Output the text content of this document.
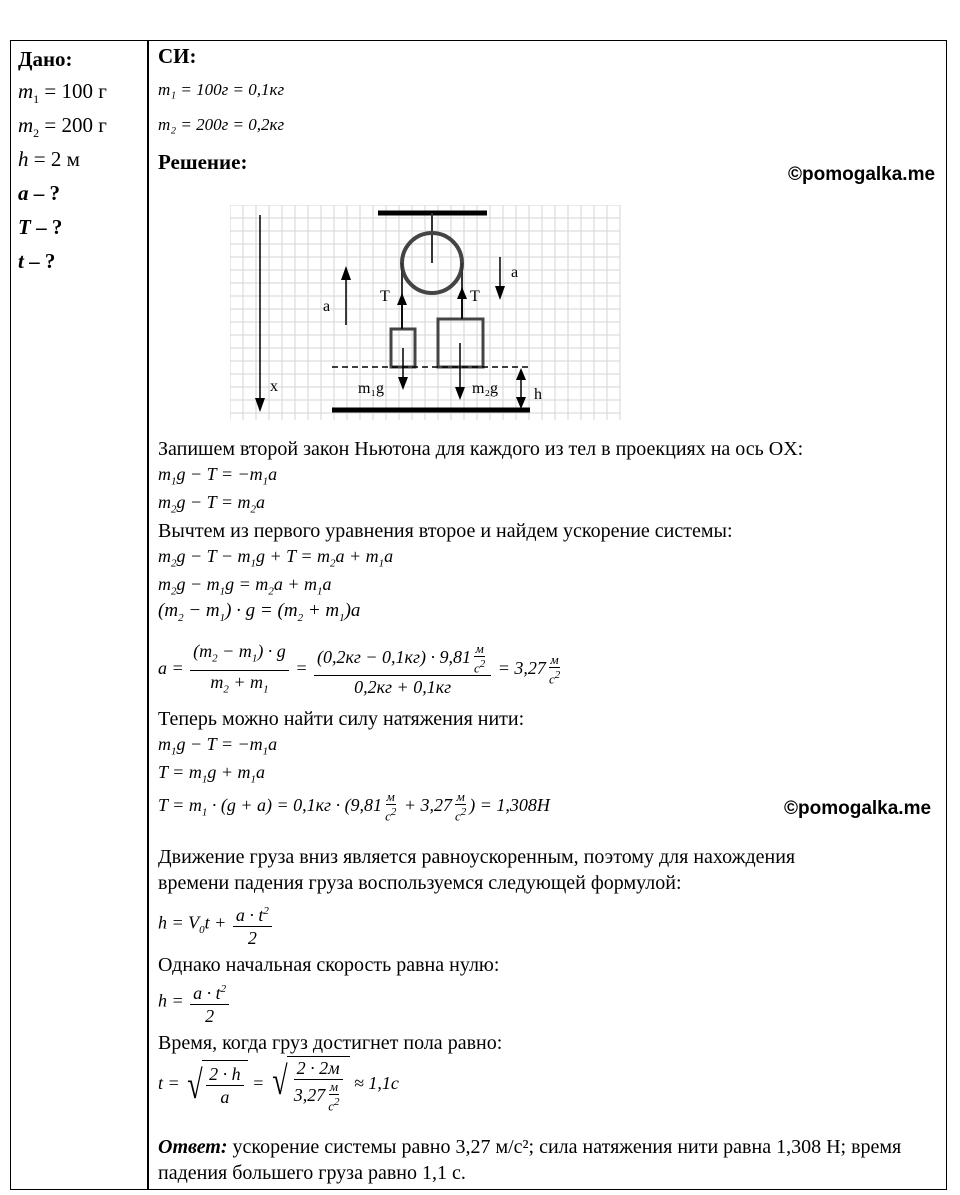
Дано:
$m_1 = 100$ г
$m_2 = 200$ г
h = 2 м
a – ?
T – ?
t – ?
СИ:
m₁ = 100г = 0,1кг
m₂ = 200г = 0,2кг
Решение:
©pomogalka.me
a
a
T	T
x	m₁g	m₂g h
Запишем второй закон Ньютона для каждого из тел в проекциях на ось OX:
$m_1g - T = -m_1a$
$m_2g - T = m_2a$
Вычтем из первого уравнения второе и найдем ускорение системы:
$m_2g - T - m_1g + T = m_2a + m_1a$
$m_2g - m_1g = m_2a + m_1a$
$(m_2 - m_1) \cdot g = (m_2 + m_1)a$
$a = \frac{(m_2 - m_1) \cdot g}{m_2 + m_1} = \frac{(0,2кг - 0,1кг) \cdot 9,81 \frac{м}{с^2}}{0,2кг + 0,1кг} = 3,27 \frac{м}{с^2}$
Теперь можно найти силу натяжения нити:
$m_1g - T = -m_1a$
$T = m_1g + m_1a$
$T = m_1 \cdot (g + a) = 0,1кг \cdot (9,81 \frac{м}{с^2} + 3,27 \frac{м}{с^2}$ ) = 1,308H	©pomogalka.me
Движение груза вниз является равноускоренным, поэтому для нахождения
времени падения груза воспользуемся следующей формулой:
$h = V_0t + \frac{a \cdot t^2}{2}$
Однако начальная скорость равна нулю:
$h = \frac{a \cdot t^2}{2}$
Время, когда груз достигнет пола равно:
t = √ $\frac{2 \cdot h}{a}$ = √ $\frac{2 \cdot 2м}{3,27 \frac{м}{с^2}} \approx 1,1с$
Ответ: ускорение системы равно 3,27 м/с²; сила натяжения нити равна 1,308 Н; время падения большего груза равно 1,1 с.
